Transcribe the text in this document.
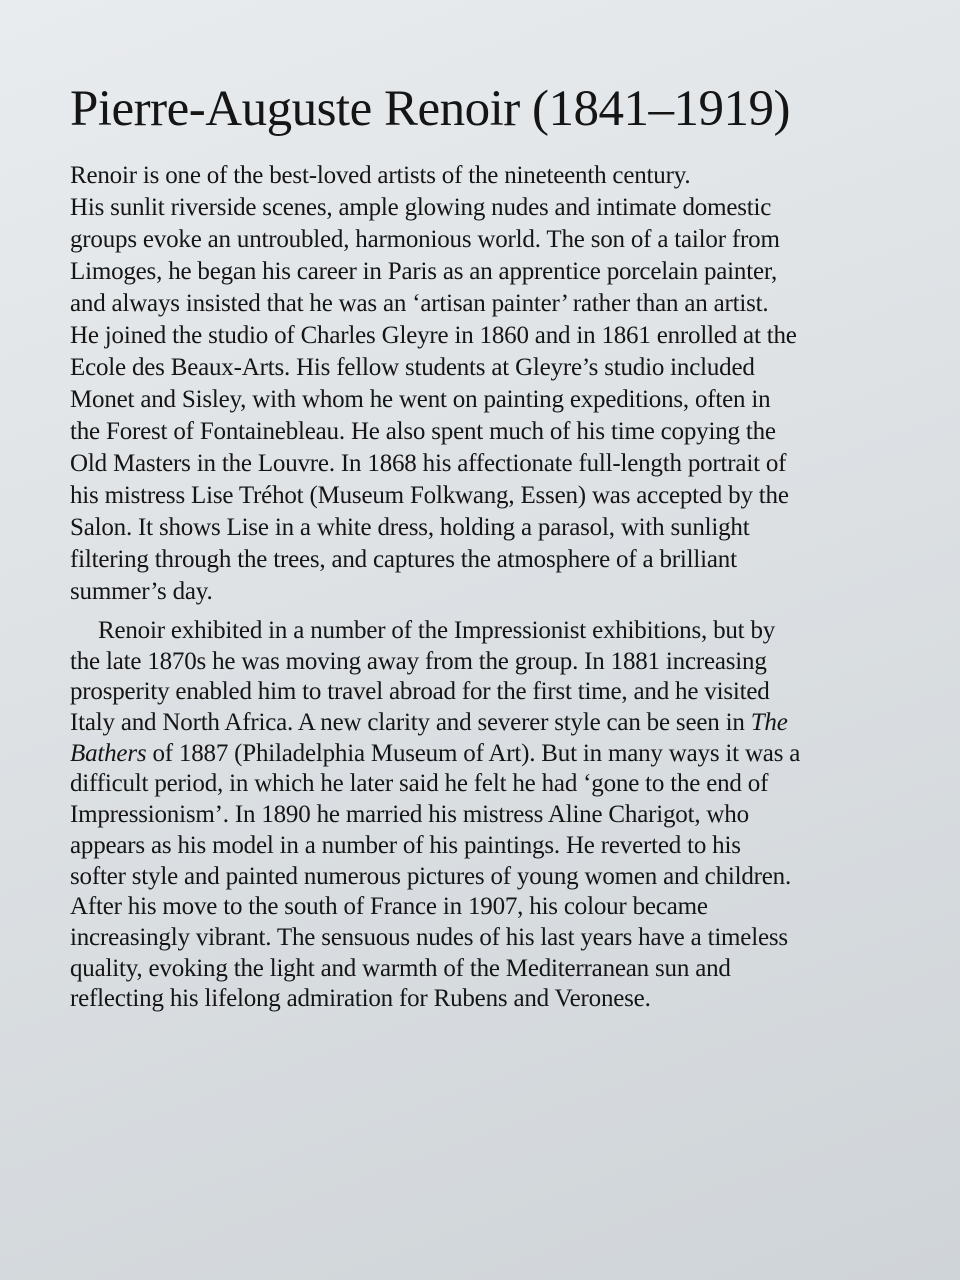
Pierre-Auguste Renoir (1841–1919)

Renoir is one of the best-loved artists of the nineteenth century.
His sunlit riverside scenes, ample glowing nudes and intimate domestic
groups evoke an untroubled, harmonious world. The son of a tailor from
Limoges, he began his career in Paris as an apprentice porcelain painter,
and always insisted that he was an ‘artisan painter’ rather than an artist.
He joined the studio of Charles Gleyre in 1860 and in 1861 enrolled at the
Ecole des Beaux-Arts. His fellow students at Gleyre’s studio included
Monet and Sisley, with whom he went on painting expeditions, often in
the Forest of Fontainebleau. He also spent much of his time copying the
Old Masters in the Louvre. In 1868 his affectionate full-length portrait of
his mistress Lise Tréhot (Museum Folkwang, Essen) was accepted by the
Salon. It shows Lise in a white dress, holding a parasol, with sunlight
filtering through the trees, and captures the atmosphere of a brilliant
summer’s day.

Renoir exhibited in a number of the Impressionist exhibitions, but by
the late 1870s he was moving away from the group. In 1881 increasing
prosperity enabled him to travel abroad for the first time, and he visited
Italy and North Africa. A new clarity and severer style can be seen in The
Bathers of 1887 (Philadelphia Museum of Art). But in many ways it was a
difficult period, in which he later said he felt he had ‘gone to the end of
Impressionism’. In 1890 he married his mistress Aline Charigot, who
appears as his model in a number of his paintings. He reverted to his
softer style and painted numerous pictures of young women and children.
After his move to the south of France in 1907, his colour became
increasingly vibrant. The sensuous nudes of his last years have a timeless
quality, evoking the light and warmth of the Mediterranean sun and
reflecting his lifelong admiration for Rubens and Veronese.
